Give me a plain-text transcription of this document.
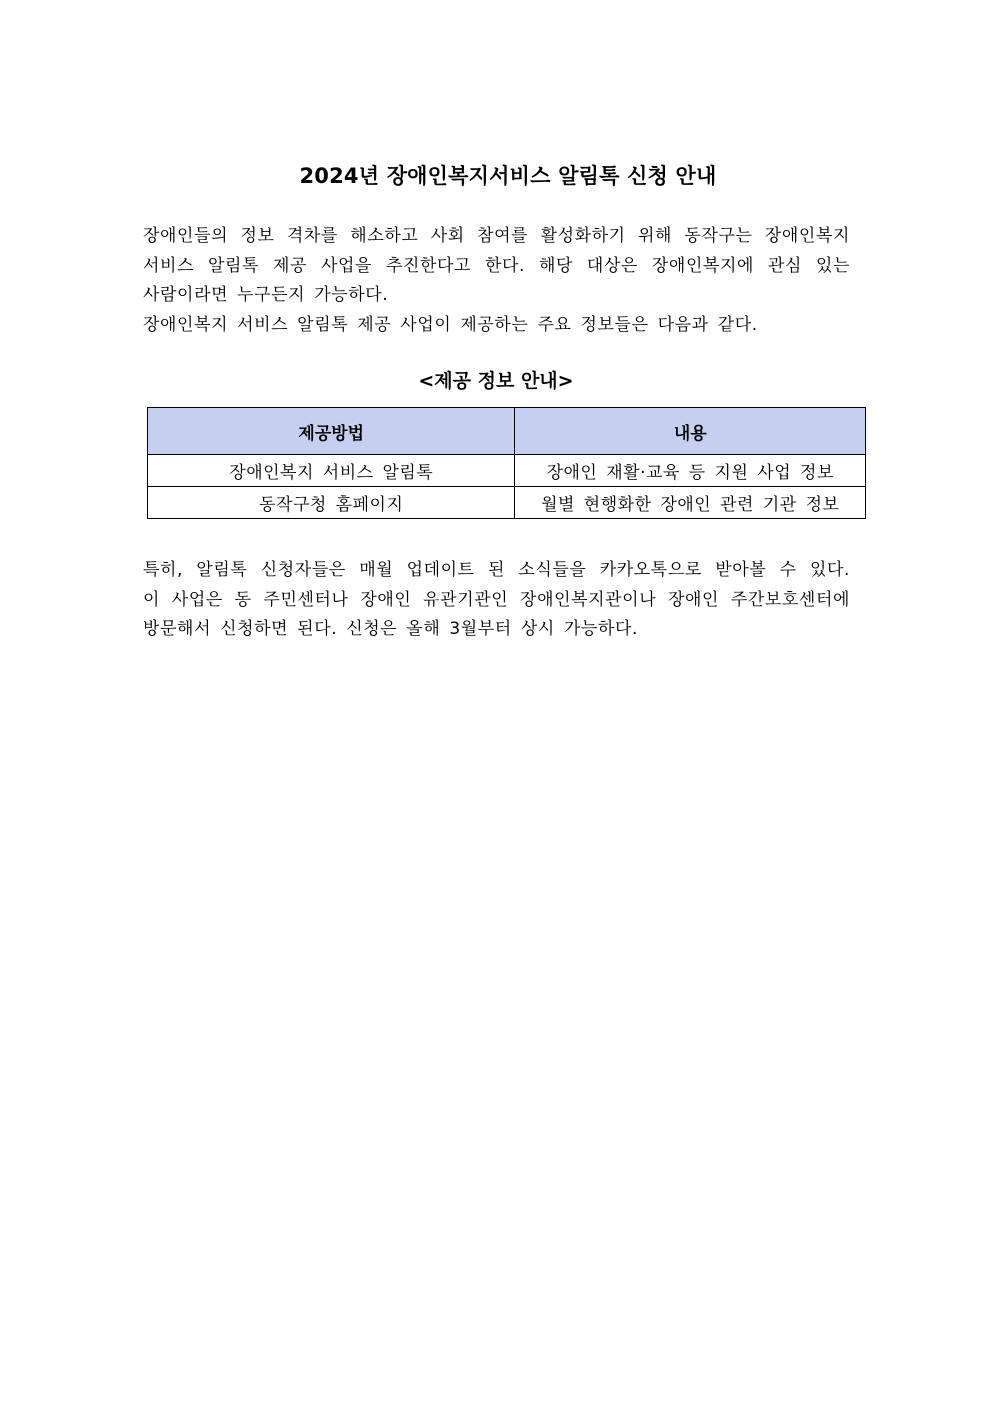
2024년 장애인복지서비스 알림톡 신청 안내
장애인들의 정보 격차를 해소하고 사회 참여를 활성화하기 위해 동작구는 장애인복지
서비스 알림톡 제공 사업을 추진한다고 한다. 해당 대상은 장애인복지에 관심 있는
사람이라면 누구든지 가능하다.
장애인복지 서비스 알림톡 제공 사업이 제공하는 주요 정보들은 다음과 같다.
<제공 정보 안내>
제공방법	내용
장애인복지 서비스 알림톡	장애인 재활·교육 등 지원 사업 정보
동작구청 홈페이지	월별 현행화한 장애인 관련 기관 정보
특히, 알림톡 신청자들은 매월 업데이트 된 소식들을 카카오톡으로 받아볼 수 있다.
이 사업은 동 주민센터나 장애인 유관기관인 장애인복지관이나 장애인 주간보호센터에
방문해서 신청하면 된다. 신청은 올해 3월부터 상시 가능하다.
